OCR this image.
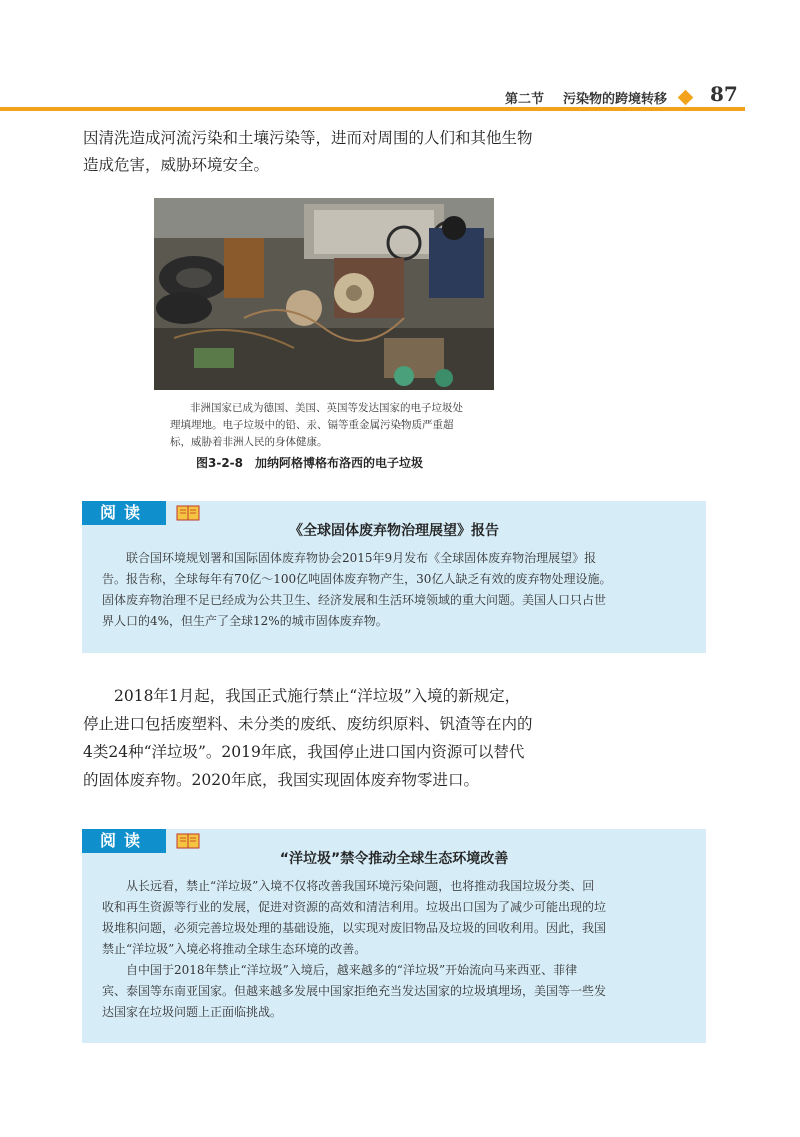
第二节 污染物的跨境转移 87
因清洗造成河流污染和土壤污染等，进而对周围的人们和其他生物
造成危害，威胁环境安全。
非洲国家已成为德国、美国、英国等发达国家的电子垃圾处
理填埋地。电子垃圾中的铅、汞、镉等重金属污染物质严重超
标，威胁着非洲人民的身体健康。
图3-2-8　加纳阿格博格布洛西的电子垃圾
阅读
《全球固体废弃物治理展望》报告
联合国环境规划署和国际固体废弃物协会2015年9月发布《全球固体废弃物治理展望》报
告。报告称，全球每年有70亿～100亿吨固体废弃物产生，30亿人缺乏有效的废弃物处理设施。
固体废弃物治理不足已经成为公共卫生、经济发展和生活环境领域的重大问题。美国人口只占世
界人口的4%，但生产了全球12%的城市固体废弃物。
2018年1月起，我国正式施行禁止“洋垃圾”入境的新规定，
停止进口包括废塑料、未分类的废纸、废纺织原料、钒渣等在内的
4类24种“洋垃圾”。2019年底，我国停止进口国内资源可以替代
的固体废弃物。2020年底，我国实现固体废弃物零进口。
阅读
“洋垃圾”禁令推动全球生态环境改善
从长远看，禁止“洋垃圾”入境不仅将改善我国环境污染问题，也将推动我国垃圾分类、回
收和再生资源等行业的发展，促进对资源的高效和清洁利用。垃圾出口国为了减少可能出现的垃
圾堆积问题，必须完善垃圾处理的基础设施，以实现对废旧物品及垃圾的回收利用。因此，我国
禁止“洋垃圾”入境必将推动全球生态环境的改善。
自中国于2018年禁止“洋垃圾”入境后，越来越多的“洋垃圾”开始流向马来西亚、菲律
宾、泰国等东南亚国家。但越来越多发展中国家拒绝充当发达国家的垃圾填埋场，美国等一些发
达国家在垃圾问题上正面临挑战。
